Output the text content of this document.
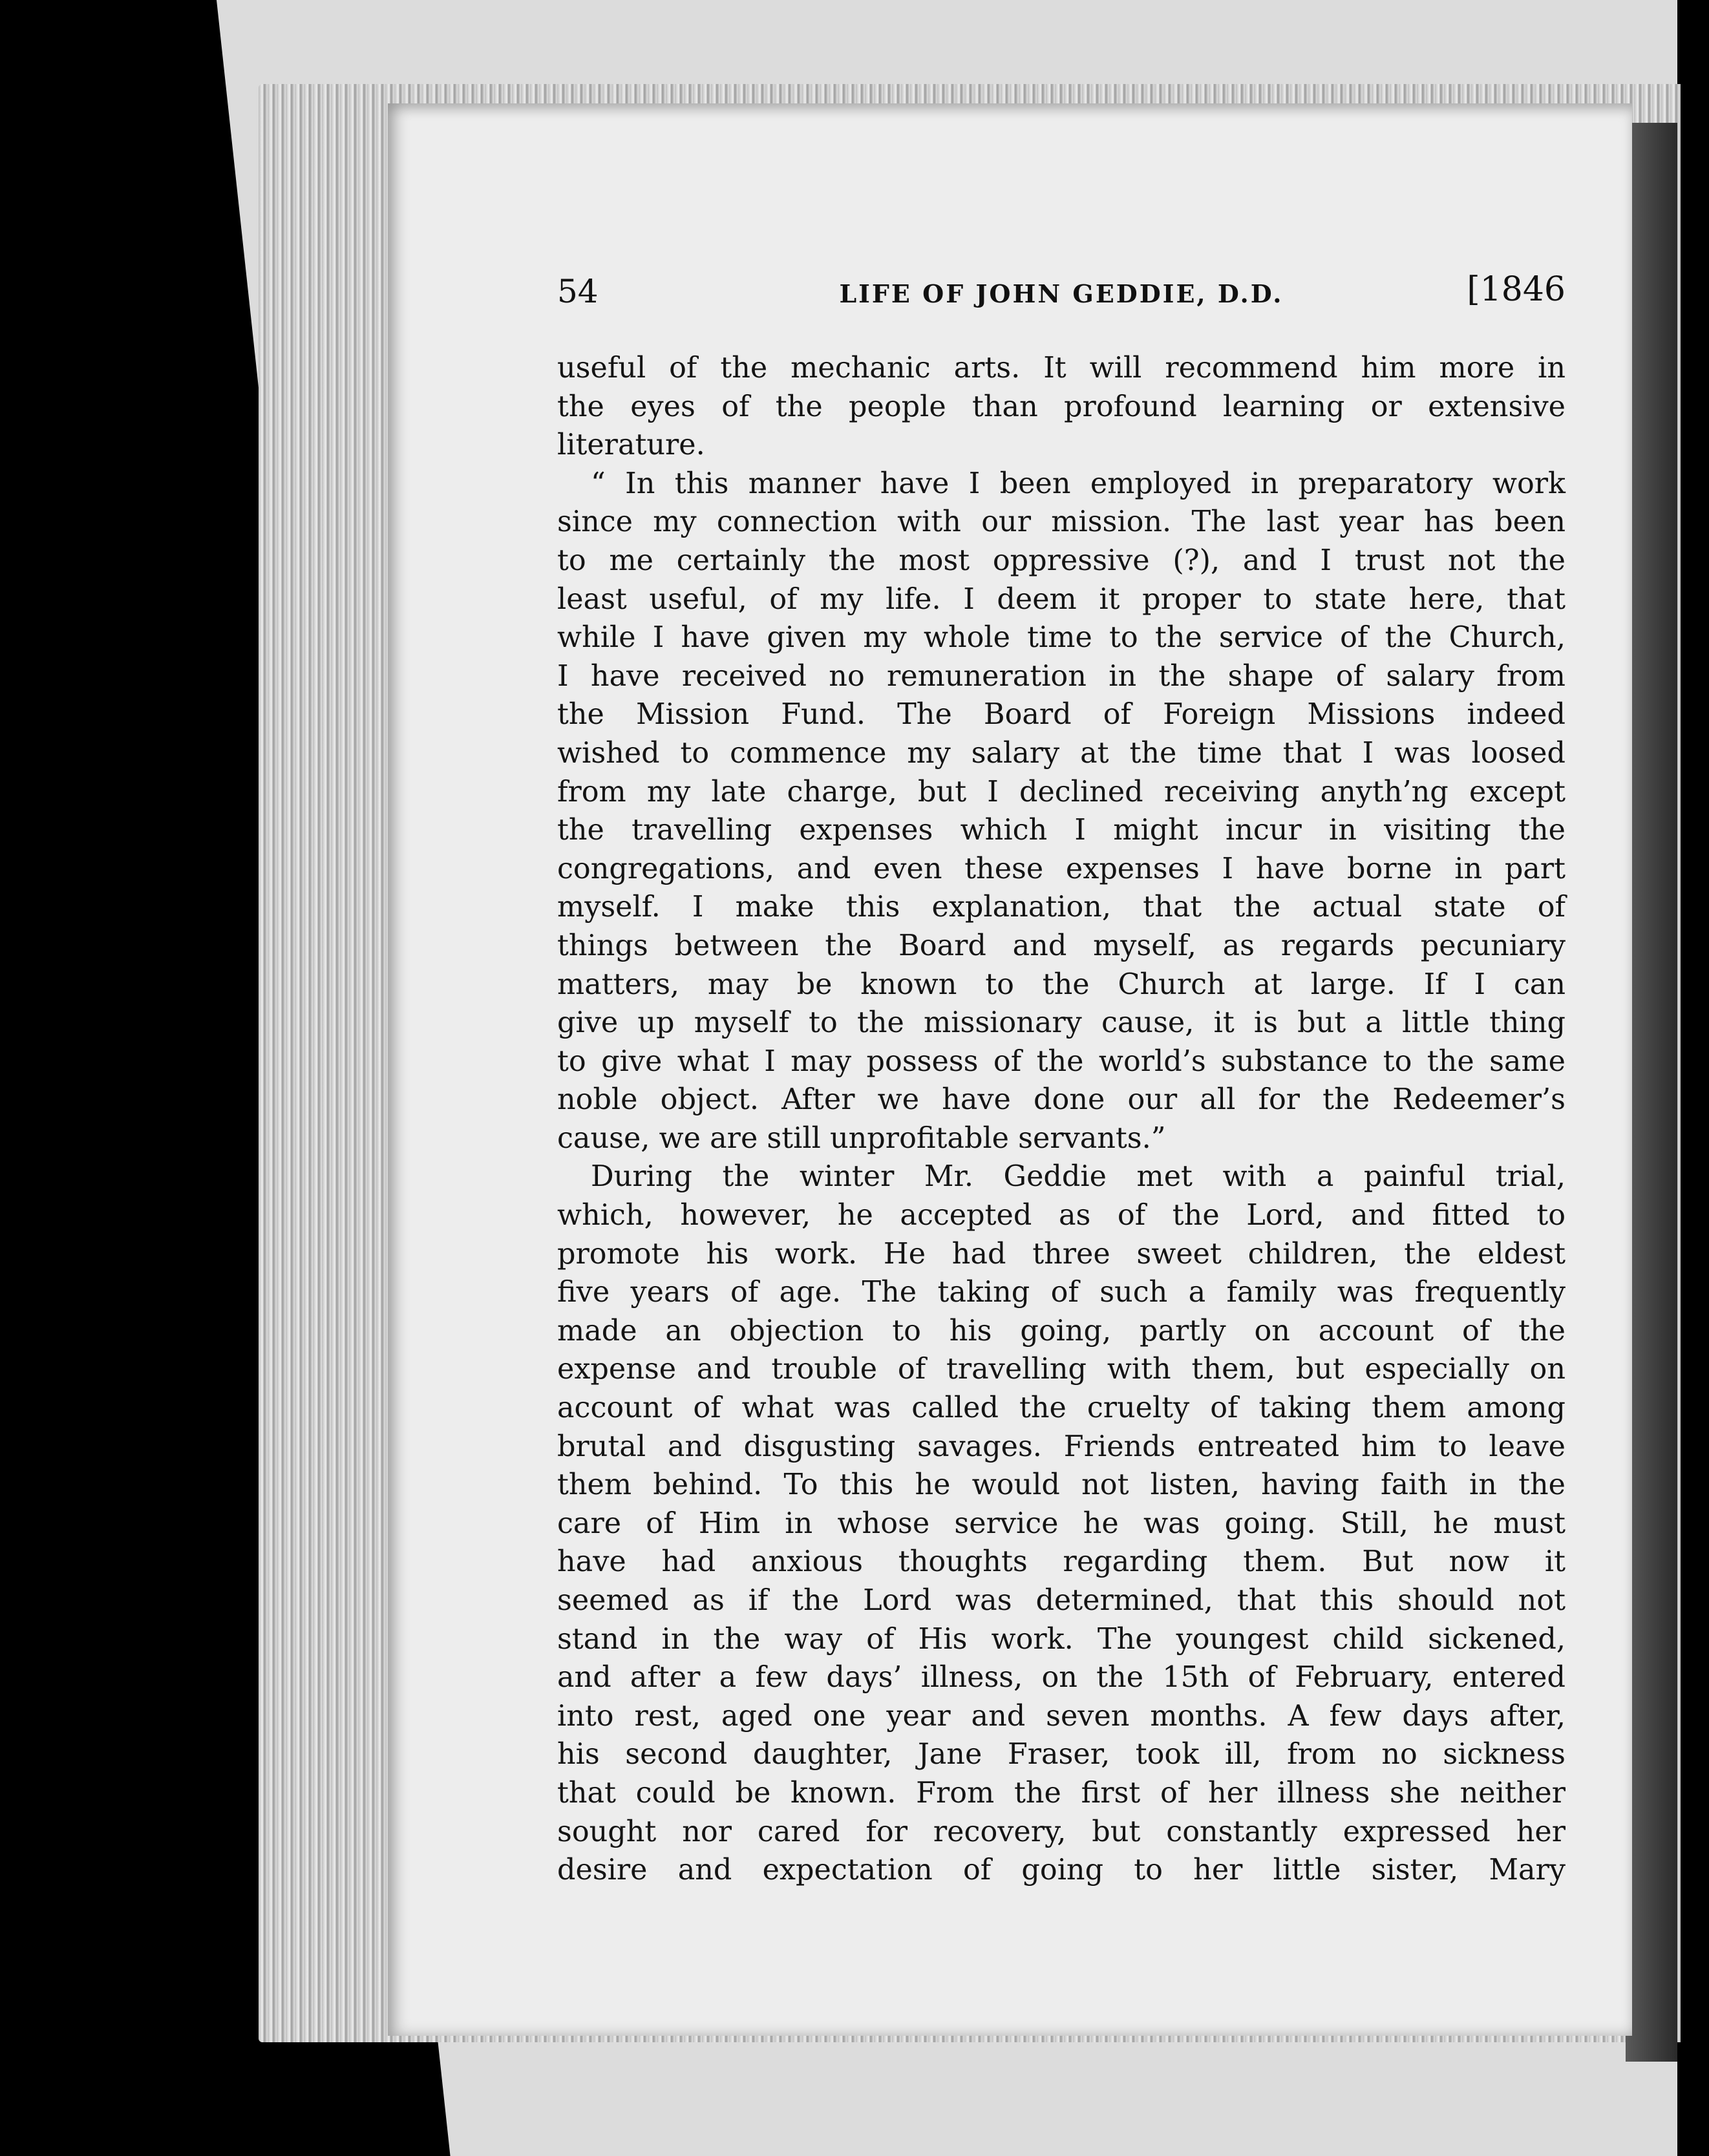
54	LIFE OF JOHN GEDDIE, D.D.	[1846
useful of the mechanic arts. It will recommend him more in
the eyes of the people than profound learning or extensive
literature.
“ In this manner have I been employed in preparatory work
since my connection with our mission. The last year has been
to me certainly the most oppressive (?), and I trust not the
least useful, of my life. I deem it proper to state here, that
while I have given my whole time to the service of the Church,
I have received no remuneration in the shape of salary from
the Mission Fund. The Board of Foreign Missions indeed
wished to commence my salary at the time that I was loosed
from my late charge, but I declined receiving anyth’ng except
the travelling expenses which I might incur in visiting the
congregations, and even these expenses I have borne in part
myself. I make this explanation, that the actual state of
things between the Board and myself, as regards pecuniary
matters, may be known to the Church at large. If I can
give up myself to the missionary cause, it is but a little thing
to give what I may possess of the world’s substance to the same
noble object. After we have done our all for the Redeemer’s
cause, we are still unprofitable servants.”
During the winter Mr. Geddie met with a painful trial,
which, however, he accepted as of the Lord, and fitted to
promote his work. He had three sweet children, the eldest
five years of age. The taking of such a family was frequently
made an objection to his going, partly on account of the
expense and trouble of travelling with them, but especially on
account of what was called the cruelty of taking them among
brutal and disgusting savages. Friends entreated him to leave
them behind. To this he would not listen, having faith in the
care of Him in whose service he was going. Still, he must
have had anxious thoughts regarding them. But now it
seemed as if the Lord was determined, that this should not
stand in the way of His work. The youngest child sickened,
and after a few days’ illness, on the 15th of February, entered
into rest, aged one year and seven months. A few days after,
his second daughter, Jane Fraser, took ill, from no sickness
that could be known. From the first of her illness she neither
sought nor cared for recovery, but constantly expressed her
desire and expectation of going to her little sister, Mary
